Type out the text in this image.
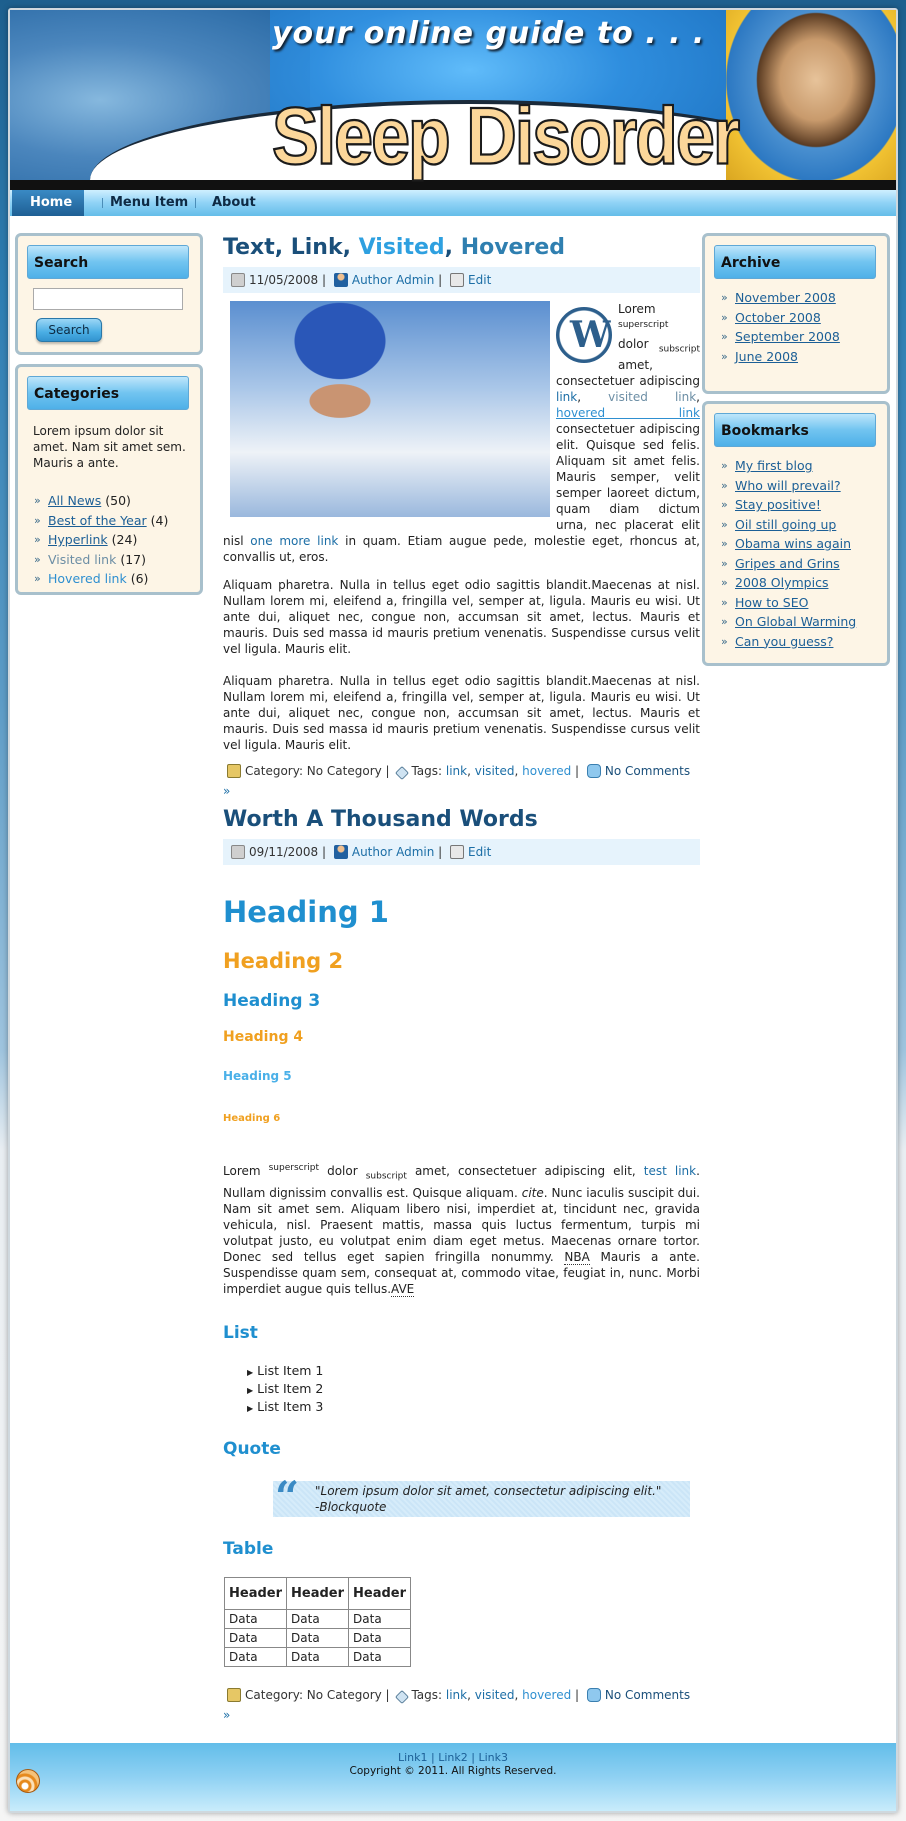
your online guide to . . .
Sleep Disorder
Home	Menu Item	About
Search
Search
Categories
Lorem ipsum dolor sit amet. Nam sit amet sem. Mauris a ante.
» All News (50)
» Best of the Year (4)
» Hyperlink (24)
» Visited link (17)
» Hovered link (6)
Archive
» November 2008
» October 2008
» September 2008
» June 2008
Bookmarks
» My first blog
» Who will prevail?
» Stay positive!
» Oil still going up
» Obama wins again
» Gripes and Grins
» 2008 Olympics
» How to SEO
» On Global Warming
» Can you guess?
Text, Link, Visited, Hovered
11/05/2008 | Author Admin | Edit
W

Lorem $^{superscript}$ dolor $_{subscript}$ amet, consectetuer adipiscing link, visited link, hovered link consectetuer adipiscing elit. Quisque sed felis. Aliquam sit amet felis. Mauris semper, velit semper laoreet dictum, quam diam dictum urna, nec placerat elit nisl one more link in quam. Etiam augue pede, molestie eget, rhoncus at, convallis ut, eros.

Aliquam pharetra. Nulla in tellus eget odio sagittis blandit.Maecenas at nisl. Nullam lorem mi, eleifend a, fringilla vel, semper at, ligula. Mauris eu wisi. Ut ante dui, aliquet nec, congue non, accumsan sit amet, lectus. Mauris et mauris. Duis sed massa id mauris pretium venenatis. Suspendisse cursus velit vel ligula. Mauris elit.

Aliquam pharetra. Nulla in tellus eget odio sagittis blandit.Maecenas at nisl. Nullam lorem mi, eleifend a, fringilla vel, semper at, ligula. Mauris eu wisi. Ut ante dui, aliquet nec, congue non, accumsan sit amet, lectus. Mauris et mauris. Duis sed massa id mauris pretium venenatis. Suspendisse cursus velit vel ligula. Mauris elit.

Category: No Category | Tags: link, visited, hovered | No Comments
»
Worth A Thousand Words
09/11/2008 | Author Admin | Edit
Heading 1
Heading 2
Heading 3
Heading 4
Heading 5
Heading 6

Lorem $^{superscript}$ dolor $_{subscript}$ amet, consectetuer adipiscing elit, test link. Nullam dignissim convallis est. Quisque aliquam. cite. Nunc iaculis suscipit dui. Nam sit amet sem. Aliquam libero nisi, imperdiet at, tincidunt nec, gravida vehicula, nisl. Praesent mattis, massa quis luctus fermentum, turpis mi volutpat justo, eu volutpat enim diam eget metus. Maecenas ornare tortor. Donec sed tellus eget sapien fringilla nonummy. NBA Mauris a ante. Suspendisse quam sem, consequat at, commodo vitae, feugiat in, nunc. Morbi imperdiet augue quis tellus.AVE

List
▶ List Item 1
▶ List Item 2
▶ List Item 3
Quote
“ "Lorem ipsum dolor sit amet, consectetur adipiscing elit."
-Blockquote
Table
Header	Header	Header
Data	Data	Data
Data	Data	Data
Data	Data	Data
Category: No Category | Tags: link, visited, hovered | No Comments
»
Link1 | Link2 | Link3
Copyright © 2011. All Rights Reserved.
